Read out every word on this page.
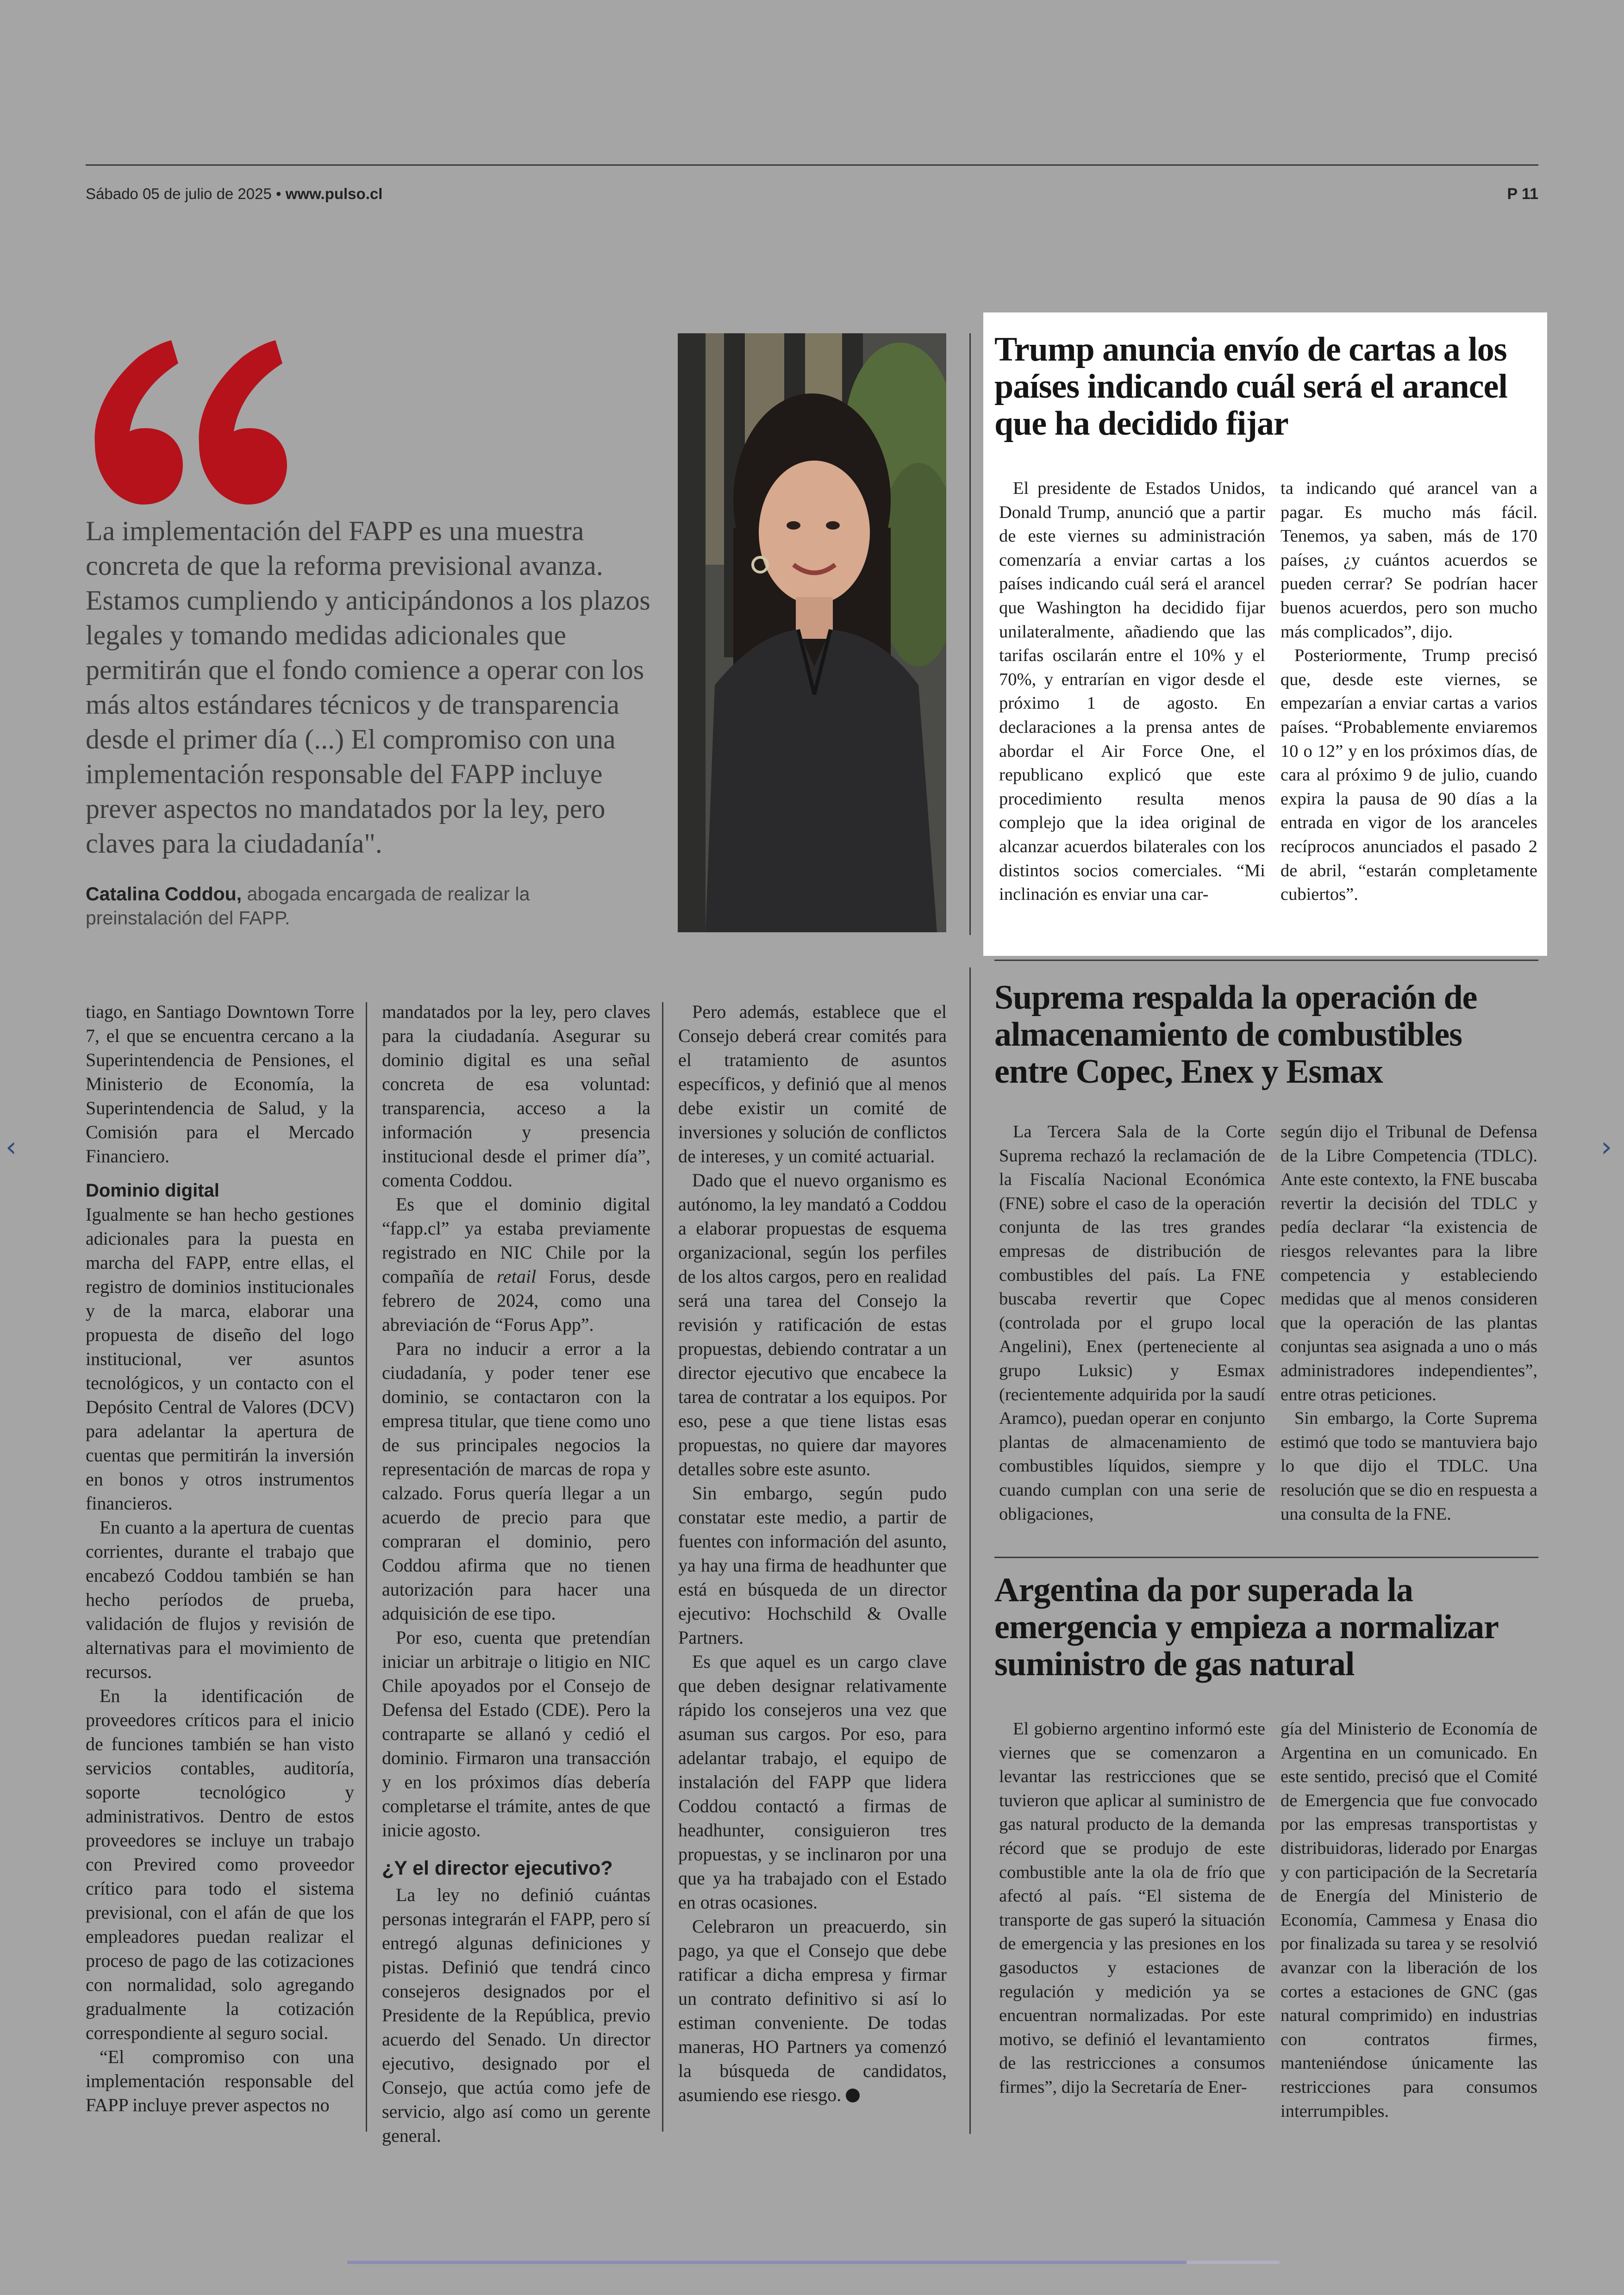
Sábado 05 de julio de 2025 • www.pulso.cl	P 11

La implementación del FAPP es una muestra concreta de que la reforma previsional avanza. Estamos cumpliendo y anticipándonos a los plazos legales y tomando medidas adicionales que permitirán que el fondo comience a operar con los más altos estándares técnicos y de transparencia desde el primer día (...) El compromiso con una implementación responsable del FAPP incluye prever aspectos no mandatados por la ley, pero claves para la ciudadanía".

Catalina Coddou, abogada encargada de realizar la preinstalación del FAPP.

Trump anuncia envío de cartas a los países indicando cuál será el arancel que ha decidido fijar

El presidente de Estados Unidos, Donald Trump, anunció que a partir de este viernes su administración comenzaría a enviar cartas a los países indicando cuál será el arancel que Washington ha decidido fijar unilateralmente, añadiendo que las tarifas oscilarán entre el 10% y el 70%, y entrarían en vigor desde el próximo 1 de agosto. En declaraciones a la prensa antes de abordar el Air Force One, el republicano explicó que este procedimiento resulta menos complejo que la idea original de alcanzar acuerdos bilaterales con los distintos socios comerciales. “Mi inclinación es enviar una car-

ta indicando qué arancel van a pagar. Es mucho más fácil. Tenemos, ya saben, más de 170 países, ¿y cuántos acuerdos se pueden cerrar? Se podrían hacer buenos acuerdos, pero son mucho más complicados”, dijo.

Posteriormente, Trump precisó que, desde este viernes, se empezarían a enviar cartas a varios países. “Probablemente enviaremos 10 o 12” y en los próximos días, de cara al próximo 9 de julio, cuando expira la pausa de 90 días a la entrada en vigor de los aranceles recíprocos anunciados el pasado 2 de abril, “estarán completamente cubiertos”.

Suprema respalda la operación de almacenamiento de combustibles entre Copec, Enex y Esmax

La Tercera Sala de la Corte Suprema rechazó la reclamación de la Fiscalía Nacional Económica (FNE) sobre el caso de la operación conjunta de las tres grandes empresas de distribución de combustibles del país. La FNE buscaba revertir que Copec (controlada por el grupo local Angelini), Enex (perteneciente al grupo Luksic) y Esmax (recientemente adquirida por la saudí Aramco), puedan operar en conjunto plantas de almacenamiento de combustibles líquidos, siempre y cuando cumplan con una serie de obligaciones,

según dijo el Tribunal de Defensa de la Libre Competencia (TDLC). Ante este contexto, la FNE buscaba revertir la decisión del TDLC y pedía declarar “la existencia de riesgos relevantes para la libre competencia y estableciendo medidas que al menos consideren que la operación de las plantas conjuntas sea asignada a uno o más administradores independientes”, entre otras peticiones.

Sin embargo, la Corte Suprema estimó que todo se mantuviera bajo lo que dijo el TDLC. Una resolución que se dio en respuesta a una consulta de la FNE.

Argentina da por superada la emergencia y empieza a normalizar suministro de gas natural

El gobierno argentino informó este viernes que se comenzaron a levantar las restricciones que se tuvieron que aplicar al suministro de gas natural producto de la demanda récord que se produjo de este combustible ante la ola de frío que afectó al país. “El sistema de transporte de gas superó la situación de emergencia y las presiones en los gasoductos y estaciones de regulación y medición ya se encuentran normalizadas. Por este motivo, se definió el levantamiento de las restricciones a consumos firmes”, dijo la Secretaría de Ener-

gía del Ministerio de Economía de Argentina en un comunicado. En este sentido, precisó que el Comité de Emergencia que fue convocado por las empresas transportistas y distribuidoras, liderado por Enargas y con participación de la Secretaría de Energía del Ministerio de Economía, Cammesa y Enasa dio por finalizada su tarea y se resolvió avanzar con la liberación de los cortes a estaciones de GNC (gas natural comprimido) en industrias con contratos firmes, manteniéndose únicamente las restricciones para consumos interrumpibles.

tiago, en Santiago Downtown Torre 7, el que se encuentra cercano a la Superintendencia de Pensiones, el Ministerio de Economía, la Superintendencia de Salud, y la Comisión para el Mercado Financiero.

Dominio digital

Igualmente se han hecho gestiones adicionales para la puesta en marcha del FAPP, entre ellas, el registro de dominios institucionales y de la marca, elaborar una propuesta de diseño del logo institucional, ver asuntos tecnológicos, y un contacto con el Depósito Central de Valores (DCV) para adelantar la apertura de cuentas que permitirán la inversión en bonos y otros instrumentos financieros.

En cuanto a la apertura de cuentas corrientes, durante el trabajo que encabezó Coddou también se han hecho períodos de prueba, validación de flujos y revisión de alternativas para el movimiento de recursos.

En la identificación de proveedores críticos para el inicio de funciones también se han visto servicios contables, auditoría, soporte tecnológico y administrativos. Dentro de estos proveedores se incluye un trabajo con Previred como proveedor crítico para todo el sistema previsional, con el afán de que los empleadores puedan realizar el proceso de pago de las cotizaciones con normalidad, solo agregando gradualmente la cotización correspondiente al seguro social.

“El compromiso con una implementación responsable del FAPP incluye prever aspectos no

mandatados por la ley, pero claves para la ciudadanía. Asegurar su dominio digital es una señal concreta de esa voluntad: transparencia, acceso a la información y presencia institucional desde el primer día”, comenta Coddou.

Es que el dominio digital “fapp.cl” ya estaba previamente registrado en NIC Chile por la compañía de retail Forus, desde febrero de 2024, como una abreviación de “Forus App”.

Para no inducir a error a la ciudadanía, y poder tener ese dominio, se contactaron con la empresa titular, que tiene como uno de sus principales negocios la representación de marcas de ropa y calzado. Forus quería llegar a un acuerdo de precio para que compraran el dominio, pero Coddou afirma que no tienen autorización para hacer una adquisición de ese tipo.

Por eso, cuenta que pretendían iniciar un arbitraje o litigio en NIC Chile apoyados por el Consejo de Defensa del Estado (CDE). Pero la contraparte se allanó y cedió el dominio. Firmaron una transacción y en los próximos días debería completarse el trámite, antes de que inicie agosto.

¿Y el director ejecutivo?

La ley no definió cuántas personas integrarán el FAPP, pero sí entregó algunas definiciones y pistas. Definió que tendrá cinco consejeros designados por el Presidente de la República, previo acuerdo del Senado. Un director ejecutivo, designado por el Consejo, que actúa como jefe de servicio, algo así como un gerente general.

Pero además, establece que el Consejo deberá crear comités para el tratamiento de asuntos específicos, y definió que al menos debe existir un comité de inversiones y solución de conflictos de intereses, y un comité actuarial.

Dado que el nuevo organismo es autónomo, la ley mandató a Coddou a elaborar propuestas de esquema organizacional, según los perfiles de los altos cargos, pero en realidad será una tarea del Consejo la revisión y ratificación de estas propuestas, debiendo contratar a un director ejecutivo que encabece la tarea de contratar a los equipos. Por eso, pese a que tiene listas esas propuestas, no quiere dar mayores detalles sobre este asunto.

Sin embargo, según pudo constatar este medio, a partir de fuentes con información del asunto, ya hay una firma de headhunter que está en búsqueda de un director ejecutivo: Hochschild & Ovalle Partners.

Es que aquel es un cargo clave que deben designar relativamente rápido los consejeros una vez que asuman sus cargos. Por eso, para adelantar trabajo, el equipo de instalación del FAPP que lidera Coddou contactó a firmas de headhunter, consiguieron tres propuestas, y se inclinaron por una que ya ha trabajado con el Estado en otras ocasiones.

Celebraron un preacuerdo, sin pago, ya que el Consejo que debe ratificar a dicha empresa y firmar un contrato definitivo si así lo estiman conveniente. De todas maneras, HO Partners ya comenzó la búsqueda de candidatos, asumiendo ese riesgo.

‹	›
